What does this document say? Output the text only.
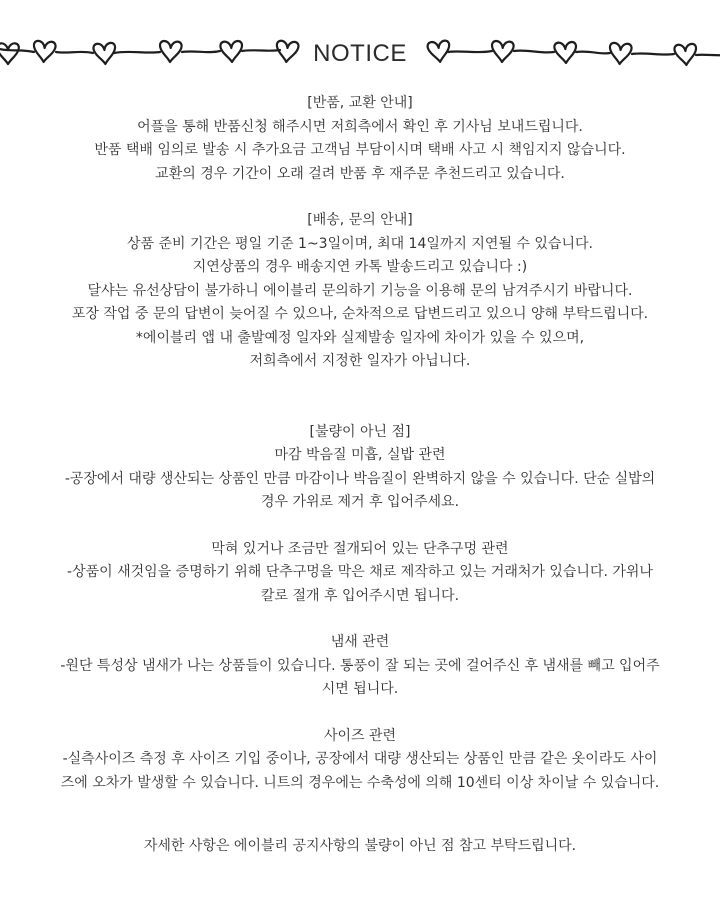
NOTICE

[반품, 교환 안내]

어플을 통해 반품신청 해주시면 저희측에서 확인 후 기사님 보내드립니다.

반품 택배 임의로 발송 시 추가요금 고객님 부담이시며 택배 사고 시 책임지지 않습니다.

교환의 경우 기간이 오래 걸려 반품 후 재주문 추천드리고 있습니다.

[배송, 문의 안내]

상품 준비 기간은 평일 기준 1~3일이며, 최대 14일까지 지연될 수 있습니다.

지연상품의 경우 배송지연 카톡 발송드리고 있습니다 :)

달샤는 유선상담이 불가하니 에이블리 문의하기 기능을 이용해 문의 남겨주시기 바랍니다.

포장 작업 중 문의 답변이 늦어질 수 있으나, 순차적으로 답변드리고 있으니 양해 부탁드립니다.

*에이블리 앱 내 출발예정 일자와 실제발송 일자에 차이가 있을 수 있으며,

저희측에서 지정한 일자가 아닙니다.

[불량이 아닌 점]

마감 박음질 미흡, 실밥 관련

-공장에서 대량 생산되는 상품인 만큼 마감이나 박음질이 완벽하지 않을 수 있습니다. 단순 실밥의

경우 가위로 제거 후 입어주세요.

막혀 있거나 조금만 절개되어 있는 단추구멍 관련

-상품이 새것임을 증명하기 위해 단추구멍을 막은 채로 제작하고 있는 거래처가 있습니다. 가위나

칼로 절개 후 입어주시면 됩니다.

냄새 관련

-원단 특성상 냄새가 나는 상품들이 있습니다. 통풍이 잘 되는 곳에 걸어주신 후 냄새를 빼고 입어주

시면 됩니다.

사이즈 관련

-실측사이즈 측정 후 사이즈 기입 중이나, 공장에서 대량 생산되는 상품인 만큼 같은 옷이라도 사이

즈에 오차가 발생할 수 있습니다. 니트의 경우에는 수축성에 의해 10센티 이상 차이날 수 있습니다.

자세한 사항은 에이블리 공지사항의 불량이 아닌 점 참고 부탁드립니다.
